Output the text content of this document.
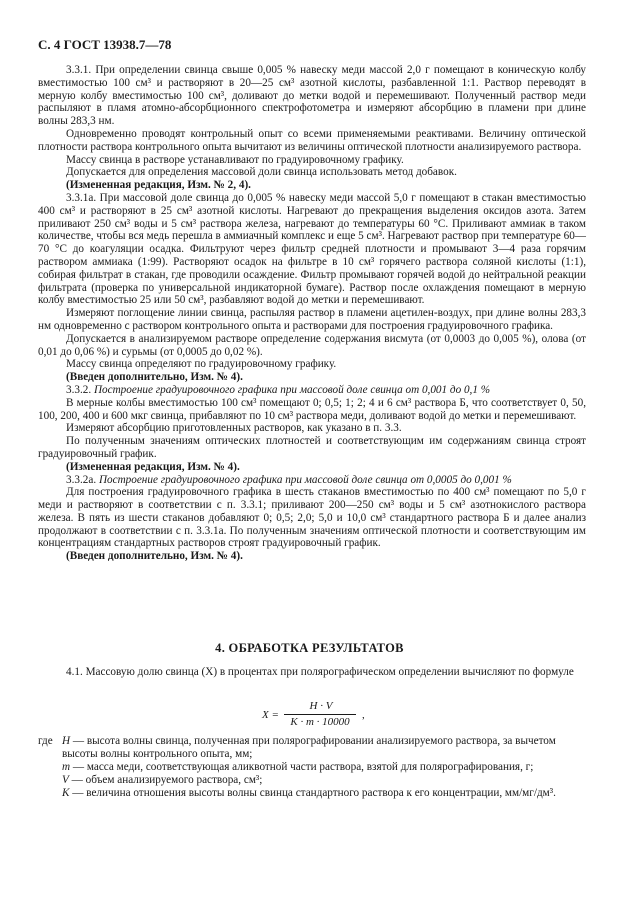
С. 4 ГОСТ 13938.7—78

3.3.1. При определении свинца свыше 0,005 % навеску меди массой 2,0 г помещают в коническую колбу вместимостью 100 см³ и растворяют в 20—25 см³ азотной кислоты, разбавленной 1:1. Раствор переводят в мерную колбу вместимостью 100 см³, доливают до метки водой и перемешивают. Полученный раствор меди распыляют в пламя атомно-абсорбционного спектрофотометра и измеряют абсорбцию в пламени при длине волны 283,3 нм.

Одновременно проводят контрольный опыт со всеми применяемыми реактивами. Величину оптической плотности раствора контрольного опыта вычитают из величины оптической плотности анализируемого раствора.

Массу свинца в растворе устанавливают по градуировочному графику.

Допускается для определения массовой доли свинца использовать метод добавок.

(Измененная редакция, Изм. № 2, 4).

3.3.1а. При массовой доле свинца до 0,005 % навеску меди массой 5,0 г помещают в стакан вместимостью 400 см³ и растворяют в 25 см³ азотной кислоты. Нагревают до прекращения выделения оксидов азота. Затем приливают 250 см³ воды и 5 см³ раствора железа, нагревают до температуры 60 °С. Приливают аммиак в таком количестве, чтобы вся медь перешла в аммиачный комплекс и еще 5 см³. Нагревают раствор при температуре 60—70 °С до коагуляции осадка. Фильтруют через фильтр средней плотности и промывают 3—4 раза горячим раствором аммиака (1:99). Растворяют осадок на фильтре в 10 см³ горячего раствора соляной кислоты (1:1), собирая фильтрат в стакан, где проводили осаждение. Фильтр промывают горячей водой до нейтральной реакции фильтрата (проверка по универсальной индикаторной бумаге). Раствор после охлаждения помещают в мерную колбу вместимостью 25 или 50 см³, разбавляют водой до метки и перемешивают.

Измеряют поглощение линии свинца, распыляя раствор в пламени ацетилен-воздух, при длине волны 283,3 нм одновременно с раствором контрольного опыта и растворами для построения градуировочного графика.

Допускается в анализируемом растворе определение содержания висмута (от 0,0003 до 0,005 %), олова (от 0,01 до 0,06 %) и сурьмы (от 0,0005 до 0,02 %).

Массу свинца определяют по градуировочному графику.

(Введен дополнительно, Изм. № 4).

3.3.2. Построение градуировочного графика при массовой доле свинца от 0,001 до 0,1 %

В мерные колбы вместимостью 100 см³ помещают 0; 0,5; 1; 2; 4 и 6 см³ раствора Б, что соответствует 0, 50, 100, 200, 400 и 600 мкг свинца, прибавляют по 10 см³ раствора меди, доливают водой до метки и перемешивают.

Измеряют абсорбцию приготовленных растворов, как указано в п. 3.3.

По полученным значениям оптических плотностей и соответствующим им содержаниям свинца строят градуировочный график.

(Измененная редакция, Изм. № 4).

3.3.2а. Построение градуировочного графика при массовой доле свинца от 0,0005 до 0,001 %

Для построения градуировочного графика в шесть стаканов вместимостью по 400 см³ помещают по 5,0 г меди и растворяют в соответствии с п. 3.3.1; приливают 200—250 см³ воды и 5 см³ азотнокислого раствора железа. В пять из шести стаканов добавляют 0; 0,5; 2,0; 5,0 и 10,0 см³ стандартного раствора Б и далее анализ продолжают в соответствии с п. 3.3.1а. По полученным значениям оптической плотности и соответствующим им концентрациям стандартных растворов строят градуировочный график.

(Введен дополнительно, Изм. № 4).

4. ОБРАБОТКА РЕЗУЛЬТАТОВ

4.1. Массовую долю свинца (X) в процентах при полярографическом определении вычисляют по формуле

X =
H · V
K · m · 10000
,
где H — высота волны свинца, полученная при полярографировании анализируемого раствора, за вычетом высоты волны контрольного опыта, мм;
m — масса меди, соответствующая аликвотной части раствора, взятой для полярографирования, г;
V — объем анализируемого раствора, см³;
K — величина отношения высоты волны свинца стандартного раствора к его концентрации, мм/мг/дм³.
